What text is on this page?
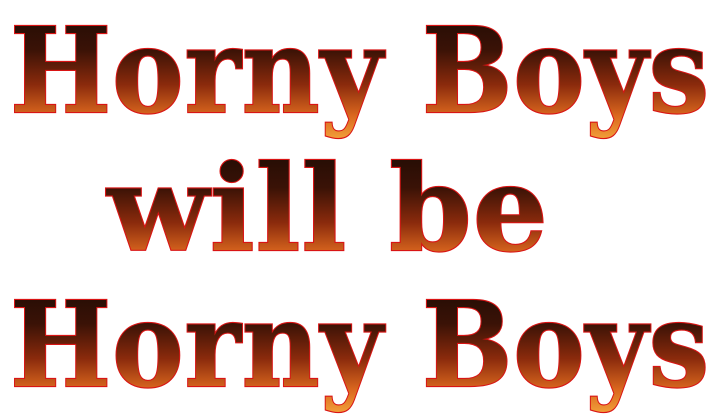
Horny Boys
will be
Horny Boys
